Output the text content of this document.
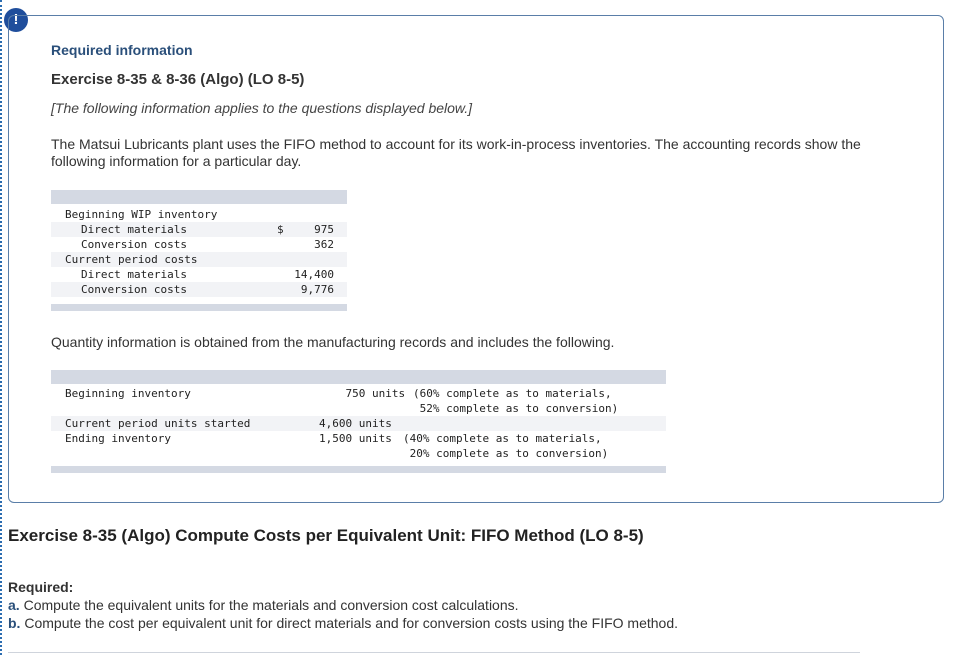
!
Required information
Exercise 8-35 & 8-36 (Algo) (LO 8-5)
[The following information applies to the questions displayed below.]
The Matsui Lubricants plant uses the FIFO method to account for its work-in-process inventories. The accounting records show the following information for a particular day.
Beginning WIP inventory
Direct materials	$	975
Conversion costs	362
Current period costs
Direct materials	14,400
Conversion costs	9,776
Quantity information is obtained from the manufacturing records and includes the following.
Beginning inventory	750 units (60% complete as to materials,
52% complete as to conversion)
Current period units started	4,600 units
Ending inventory	1,500 units (40% complete as to materials,
20% complete as to conversion)
Exercise 8-35 (Algo) Compute Costs per Equivalent Unit: FIFO Method (LO 8-5)
Required:
a. Compute the equivalent units for the materials and conversion cost calculations.
b. Compute the cost per equivalent unit for direct materials and for conversion costs using the FIFO method.
